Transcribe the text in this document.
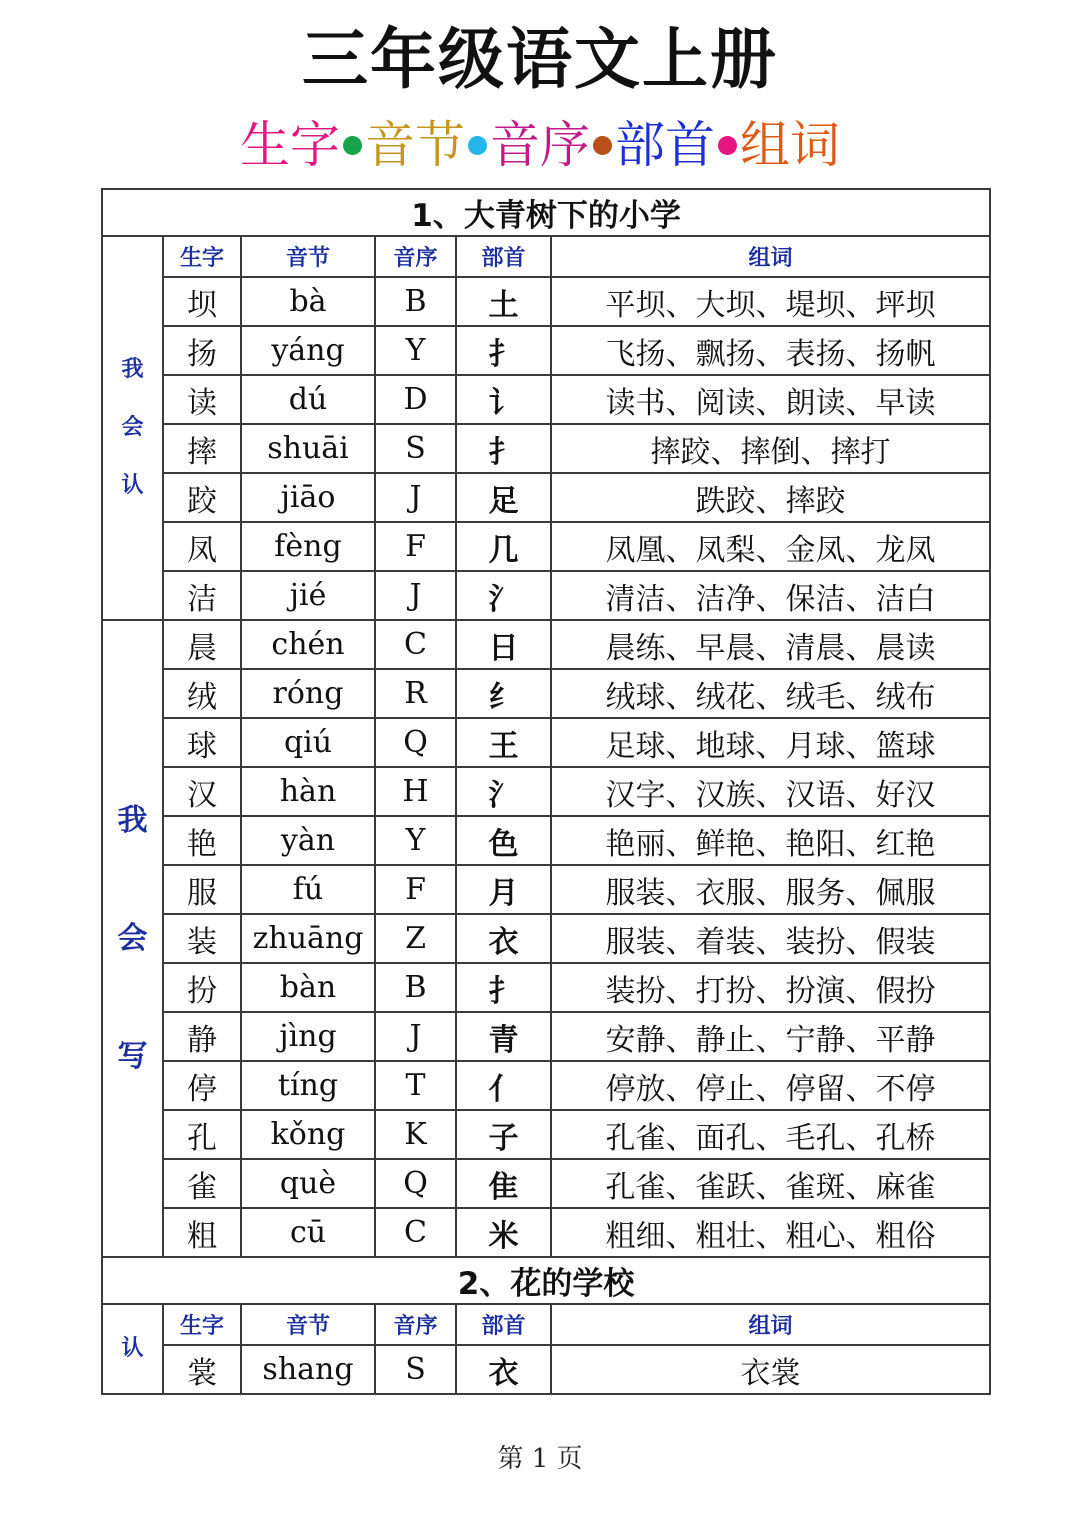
三年级语文上册
生字 音节 音序 部首 组词
1、大青树下的小学					
我
会
认	生字	音节	音序	部首	组词
	坝	bà	B	土	平坝、大坝、堤坝、坪坝
	扬	yáng	Y	扌	飞扬、飘扬、表扬、扬帆
	读	dú	D	讠	读书、阅读、朗读、早读
	摔	shuāi	S	扌	摔跤、摔倒、摔打
	跤	jiāo	J	足	跌跤、摔跤
	凤	fèng	F	几	凤凰、凤梨、金凤、龙凤
	洁	jié	J	氵	清洁、洁净、保洁、洁白
我
会
写	晨	chén	C	日	晨练、早晨、清晨、晨读
	绒	róng	R	纟	绒球、绒花、绒毛、绒布
	球	qiú	Q	王	足球、地球、月球、篮球
	汉	hàn	H	氵	汉字、汉族、汉语、好汉
	艳	yàn	Y	色	艳丽、鲜艳、艳阳、红艳
	服	fú	F	月	服装、衣服、服务、佩服
	装	zhuāng	Z	衣	服装、着装、装扮、假装
	扮	bàn	B	扌	装扮、打扮、扮演、假扮
	静	jìng	J	青	安静、静止、宁静、平静
	停	tíng	T	亻	停放、停止、停留、不停
	孔	kǒng	K	子	孔雀、面孔、毛孔、孔桥
	雀	què	Q	隹	孔雀、雀跃、雀斑、麻雀
	粗	cū	C	米	粗细、粗壮、粗心、粗俗
2、花的学校					
认	生字	音节	音序	部首	组词
	裳	shang	S	衣	衣裳
第 1 页
